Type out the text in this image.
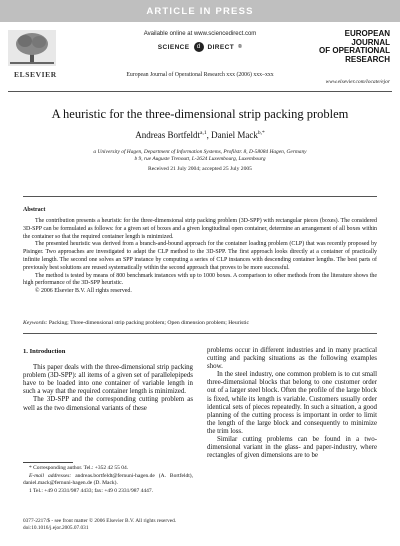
ARTICLE IN PRESS
ELSEVIER
Available online at www.sciencedirect.com
SCIENCE	d	DIRECT ®
European Journal of Operational Research xxx (2006) xxx–xxx
EUROPEAN
JOURNAL
OF OPERATIONAL
RESEARCH
www.elsevier.com/locate/ejor
A heuristic for the three-dimensional strip packing problem
Andreas Bortfeldt$^{a,1}$, Daniel Mack$^{b,*}$
a University of Hagen, Department of Information Systems, Profilstr. 8, D-58084 Hagen, Germany
b 9, rue Auguste Trenoutt, L-2624 Luxembourg, Luxembourg
Received 21 July 2004; accepted 25 July 2005
Abstract

The contribution presents a heuristic for the three-dimensional strip packing problem (3D-SPP) with rectangular pieces (boxes). The considered 3D-SPP can be formulated as follows: for a given set of boxes and a given longitudinal open container, determine an arrangement of all boxes within the container so that the required container length is minimized.

The presented heuristic was derived from a branch-and-bound approach for the container loading problem (CLP) that was recently proposed by Pisinger. Two approaches are investigated to adapt the CLP method to the 3D-SPP. The first approach looks directly at a container of practically infinite length. The second one solves an SPP instance by computing a series of CLP instances with descending container lengths. The best parts of previously best solutions are reused systematically within the second approach that proves to be more successful.

The method is tested by means of 800 benchmark instances with up to 1000 boxes. A comparison to other methods from the literature shows the high performance of the 3D-SPP heuristic.

© 2006 Elsevier B.V. All rights reserved.

Keywords: Packing; Three-dimensional strip packing problem; Open dimension problem; Heuristic
1. Introduction

This paper deals with the three-dimensional strip packing problem (3D-SPP): all items of a given set of parallelepipeds have to be loaded into one container of variable length in such a way that the required container length is minimized.

The 3D-SPP and the corresponding cutting problem as well as the two dimensional variants of these

problems occur in different industries and in many practical cutting and packing situations as the following examples show.

In the steel industry, one common problem is to cut small three-dimensional blocks that belong to one customer order out of a larger steel block. Often the profile of the large block is fixed, while its length is variable. Customers usually order identical sets of pieces repeatedly. In such a situation, a good planning of the cutting process is important in order to limit the length of the large block and consequently to minimize the trim loss.

Similar cutting problems can be found in a two-dimensional variant in the glass- and paper-industry, where rectangles of given dimensions are to be

* Corresponding author. Tel.: +352 42 55 04.
E-mail addresses: andreas.bortfeldt@fernuni-hagen.de (A. Bortfeldt), daniel.mack@fernuni-hagen.de (D. Mack).
1 Tel.: +49 0 2331/987 4433; fax: +49 0 2331/987 4447.
0377-2217/$ - see front matter © 2006 Elsevier B.V. All rights reserved.
doi:10.1016/j.ejor.2005.07.031
